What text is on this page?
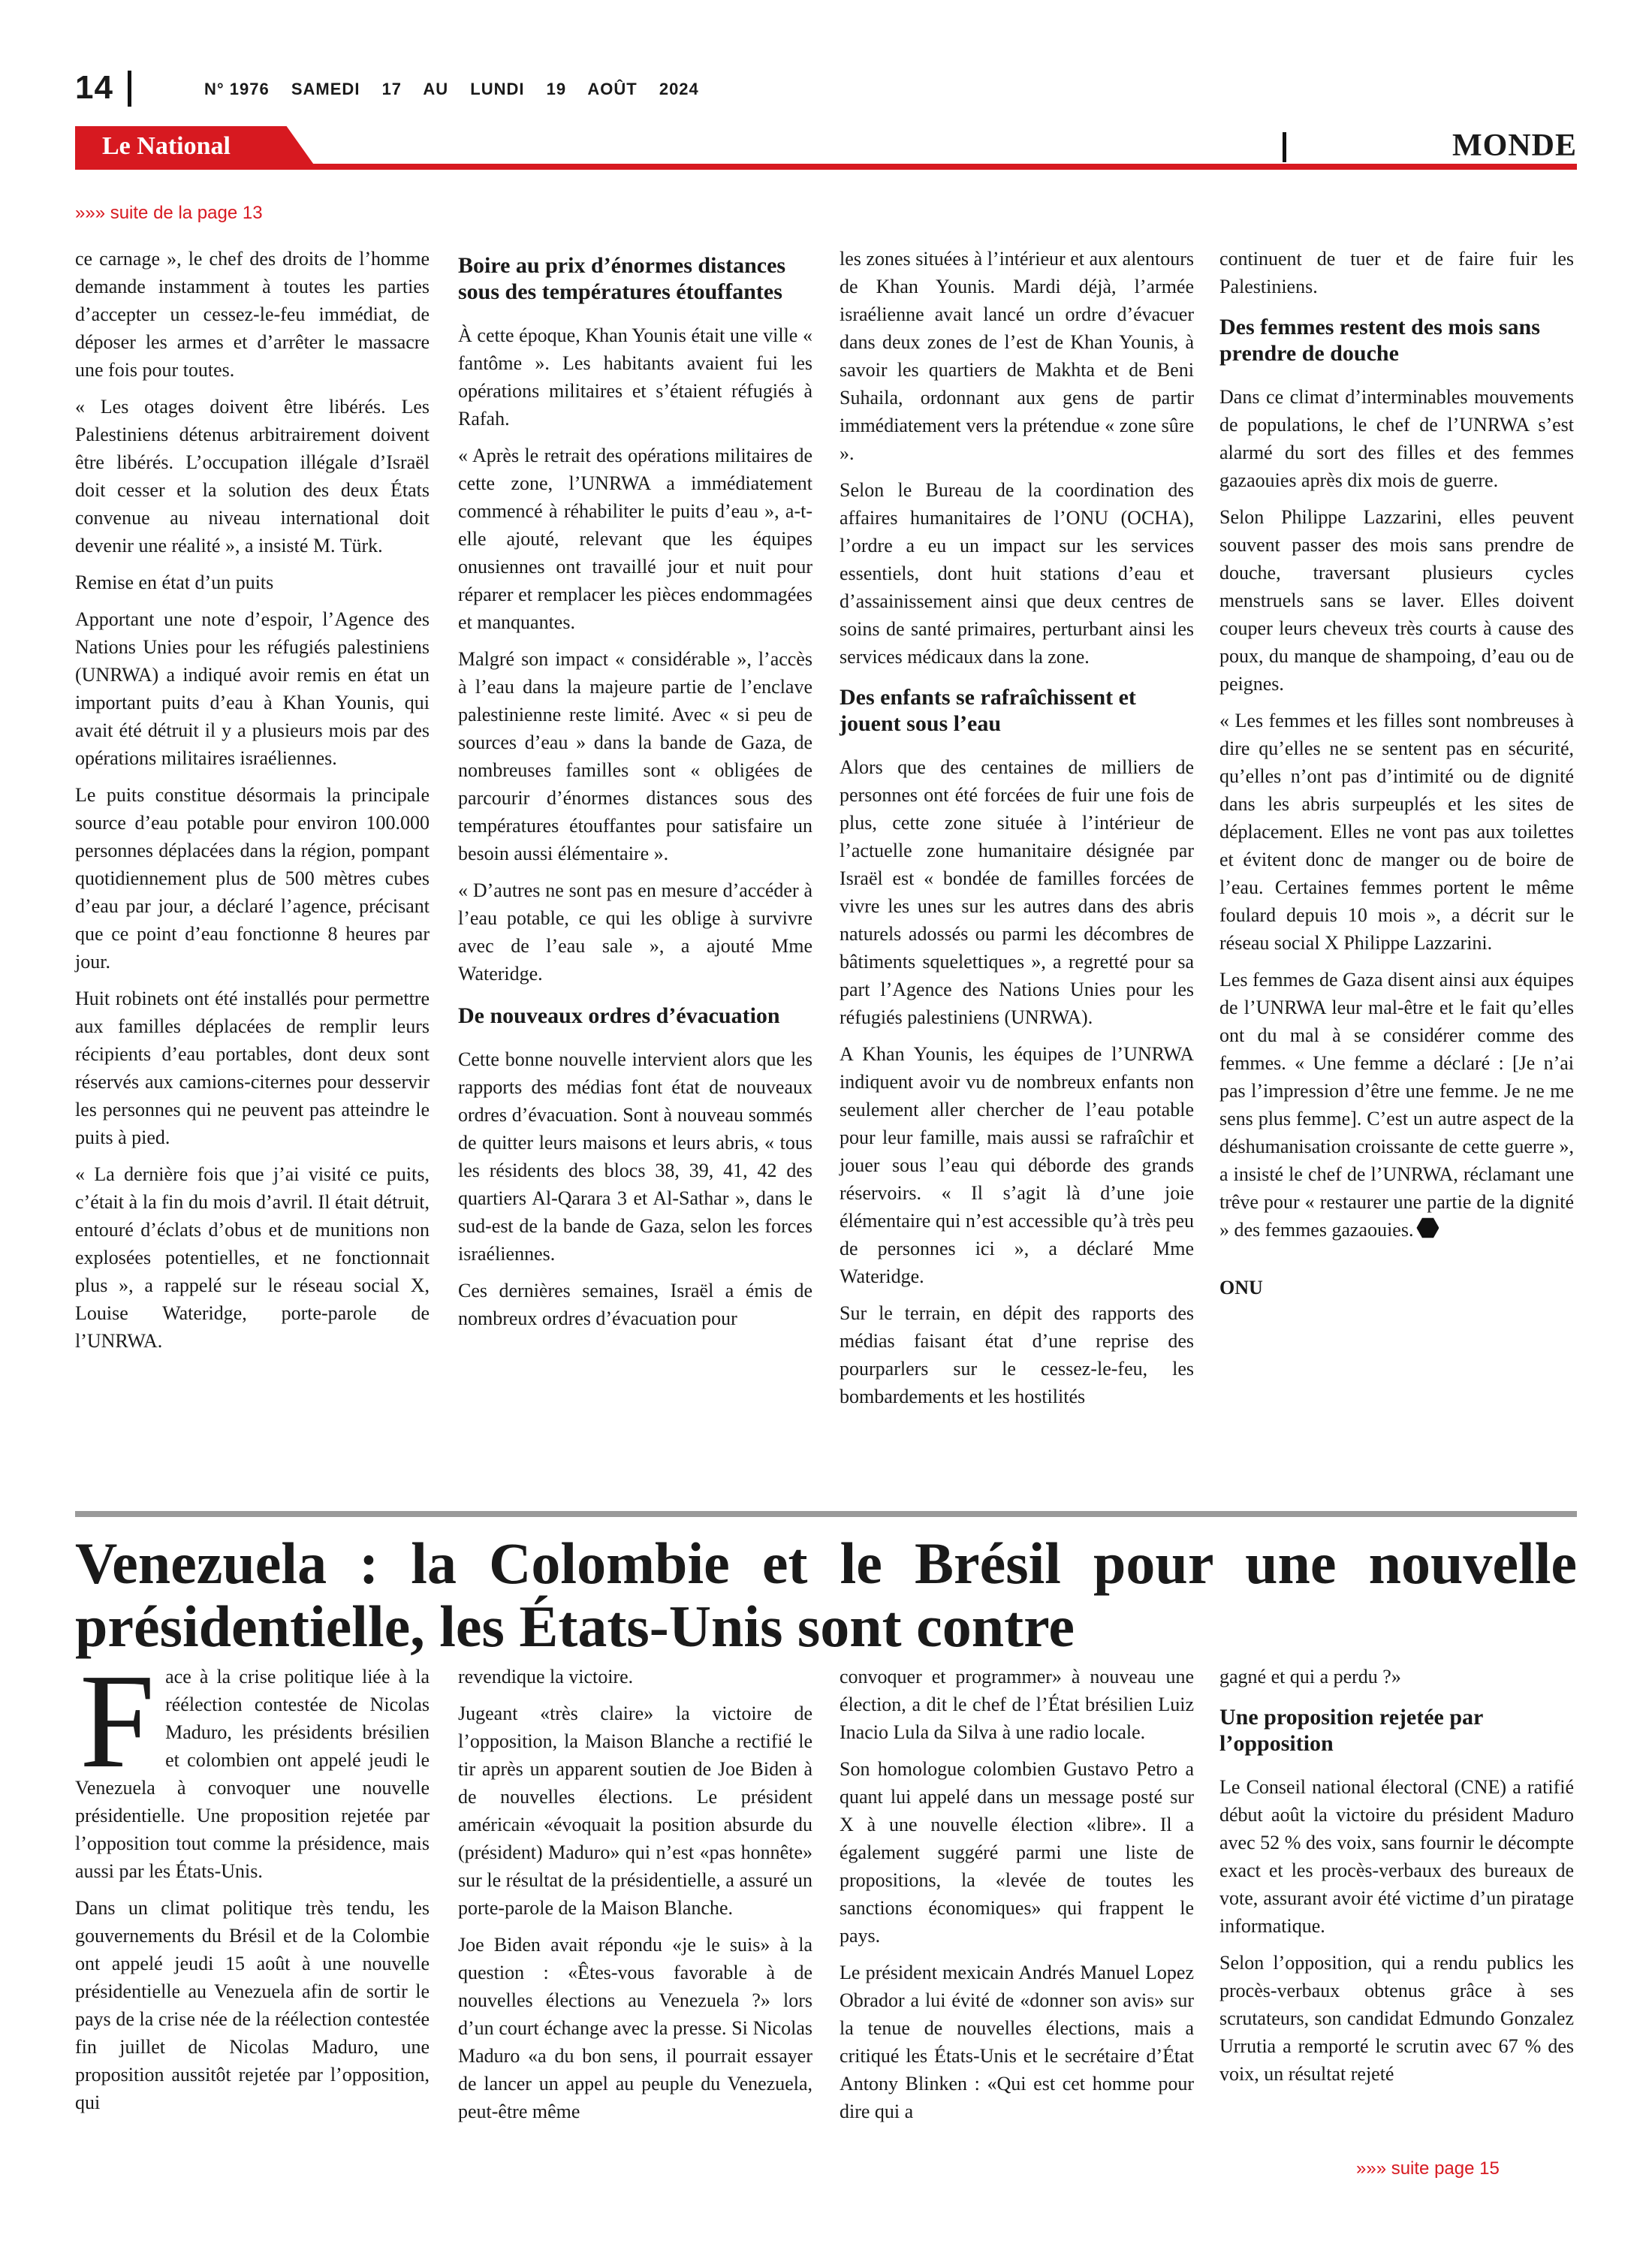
14	N° 1976 SAMEDI 17 AU LUNDI 19 AOÛT 2024
Le National	MONDE
»»» suite de la page 13

ce carnage », le chef des droits de l’homme demande instamment à toutes les parties d’accepter un cessez-le-feu immédiat, de déposer les armes et d’arrêter le massacre une fois pour toutes.

« Les otages doivent être libérés. Les Palestiniens détenus arbitrairement doivent être libérés. L’occupation illégale d’Israël doit cesser et la solution des deux États convenue au niveau international doit devenir une réalité », a insisté M. Türk.

Remise en état d’un puits

Apportant une note d’espoir, l’Agence des Nations Unies pour les réfugiés palestiniens (UNRWA) a indiqué avoir remis en état un important puits d’eau à Khan Younis, qui avait été détruit il y a plusieurs mois par des opérations militaires israéliennes.

Le puits constitue désormais la principale source d’eau potable pour environ 100.000 personnes déplacées dans la région, pompant quotidiennement plus de 500 mètres cubes d’eau par jour, a déclaré l’agence, précisant que ce point d’eau fonctionne 8 heures par jour.

Huit robinets ont été installés pour permettre aux familles déplacées de remplir leurs récipients d’eau portables, dont deux sont réservés aux camions-citernes pour desservir les personnes qui ne peuvent pas atteindre le puits à pied.

« La dernière fois que j’ai visité ce puits, c’était à la fin du mois d’avril. Il était détruit, entouré d’éclats d’obus et de munitions non explosées potentielles, et ne fonctionnait plus », a rappelé sur le réseau social X, Louise Wateridge, porte-parole de l’UNRWA.

Boire au prix d’énormes distances sous des températures étouffantes

À cette époque, Khan Younis était une ville « fantôme ». Les habitants avaient fui les opérations militaires et s’étaient réfugiés à Rafah.

« Après le retrait des opérations militaires de cette zone, l’UNRWA a immédiatement commencé à réhabiliter le puits d’eau », a-t-elle ajouté, relevant que les équipes onusiennes ont travaillé jour et nuit pour réparer et remplacer les pièces endommagées et manquantes.

Malgré son impact « considérable », l’accès à l’eau dans la majeure partie de l’enclave palestinienne reste limité. Avec « si peu de sources d’eau » dans la bande de Gaza, de nombreuses familles sont « obligées de parcourir d’énormes distances sous des températures étouffantes pour satisfaire un besoin aussi élémentaire ».

« D’autres ne sont pas en mesure d’accéder à l’eau potable, ce qui les oblige à survivre avec de l’eau sale », a ajouté Mme Wateridge.

De nouveaux ordres d’évacuation

Cette bonne nouvelle intervient alors que les rapports des médias font état de nouveaux ordres d’évacuation. Sont à nouveau sommés de quitter leurs maisons et leurs abris, « tous les résidents des blocs 38, 39, 41, 42 des quartiers Al-Qarara 3 et Al-Sathar », dans le sud-est de la bande de Gaza, selon les forces israéliennes.

Ces dernières semaines, Israël a émis de nombreux ordres d’évacuation pour

les zones situées à l’intérieur et aux alentours de Khan Younis. Mardi déjà, l’armée israélienne avait lancé un ordre d’évacuer dans deux zones de l’est de Khan Younis, à savoir les quartiers de Makhta et de Beni Suhaila, ordonnant aux gens de partir immédiatement vers la prétendue « zone sûre ».

Selon le Bureau de la coordination des affaires humanitaires de l’ONU (OCHA), l’ordre a eu un impact sur les services essentiels, dont huit stations d’eau et d’assainissement ainsi que deux centres de soins de santé primaires, perturbant ainsi les services médicaux dans la zone.

Des enfants se rafraîchissent et jouent sous l’eau

Alors que des centaines de milliers de personnes ont été forcées de fuir une fois de plus, cette zone située à l’intérieur de l’actuelle zone humanitaire désignée par Israël est « bondée de familles forcées de vivre les unes sur les autres dans des abris naturels adossés ou parmi les décombres de bâtiments squelettiques », a regretté pour sa part l’Agence des Nations Unies pour les réfugiés palestiniens (UNRWA).

A Khan Younis, les équipes de l’UNRWA indiquent avoir vu de nombreux enfants non seulement aller chercher de l’eau potable pour leur famille, mais aussi se rafraîchir et jouer sous l’eau qui déborde des grands réservoirs. « Il s’agit là d’une joie élémentaire qui n’est accessible qu’à très peu de personnes ici », a déclaré Mme Wateridge.

Sur le terrain, en dépit des rapports des médias faisant état d’une reprise des pourparlers sur le cessez-le-feu, les bombardements et les hostilités

continuent de tuer et de faire fuir les Palestiniens.

Des femmes restent des mois sans prendre de douche

Dans ce climat d’interminables mouvements de populations, le chef de l’UNRWA s’est alarmé du sort des filles et des femmes gazaouies après dix mois de guerre.

Selon Philippe Lazzarini, elles peuvent souvent passer des mois sans prendre de douche, traversant plusieurs cycles menstruels sans se laver. Elles doivent couper leurs cheveux très courts à cause des poux, du manque de shampoing, d’eau ou de peignes.

« Les femmes et les filles sont nombreuses à dire qu’elles ne se sentent pas en sécurité, qu’elles n’ont pas d’intimité ou de dignité dans les abris surpeuplés et les sites de déplacement. Elles ne vont pas aux toilettes et évitent donc de manger ou de boire de l’eau. Certaines femmes portent le même foulard depuis 10 mois », a décrit sur le réseau social X Philippe Lazzarini.

Les femmes de Gaza disent ainsi aux équipes de l’UNRWA leur mal-être et le fait qu’elles ont du mal à se considérer comme des femmes. « Une femme a déclaré : [Je n’ai pas l’impression d’être une femme. Je ne me sens plus femme]. C’est un autre aspect de la déshumanisation croissante de cette guerre », a insisté le chef de l’UNRWA, réclamant une trêve pour « restaurer une partie de la dignité » des femmes gazaouies.

ONU
Venezuela : la Colombie et le Brésil pour une nouvelle présidentielle, les États-Unis sont contre

Face à la crise politique liée à la réélection contestée de Nicolas Maduro, les présidents brésilien et colombien ont appelé jeudi le Venezuela à convoquer une nouvelle présidentielle. Une proposition rejetée par l’opposition tout comme la présidence, mais aussi par les États-Unis.

Dans un climat politique très tendu, les gouvernements du Brésil et de la Colombie ont appelé jeudi 15 août à une nouvelle présidentielle au Venezuela afin de sortir le pays de la crise née de la réélection contestée fin juillet de Nicolas Maduro, une proposition aussitôt rejetée par l’opposition, qui

revendique la victoire.

Jugeant «très claire» la victoire de l’opposition, la Maison Blanche a rectifié le tir après un apparent soutien de Joe Biden à de nouvelles élections. Le président américain «évoquait la position absurde du (président) Maduro» qui n’est «pas honnête» sur le résultat de la présidentielle, a assuré un porte-parole de la Maison Blanche.

Joe Biden avait répondu «je le suis» à la question : «Êtes-vous favorable à de nouvelles élections au Venezuela ?» lors d’un court échange avec la presse. Si Nicolas Maduro «a du bon sens, il pourrait essayer de lancer un appel au peuple du Venezuela, peut-être même

convoquer et programmer» à nouveau une élection, a dit le chef de l’État brésilien Luiz Inacio Lula da Silva à une radio locale.

Son homologue colombien Gustavo Petro a quant lui appelé dans un message posté sur X à une nouvelle élection «libre». Il a également suggéré parmi une liste de propositions, la «levée de toutes les sanctions économiques» qui frappent le pays.

Le président mexicain Andrés Manuel Lopez Obrador a lui évité de «donner son avis» sur la tenue de nouvelles élections, mais a critiqué les États-Unis et le secrétaire d’État Antony Blinken : «Qui est cet homme pour dire qui a

gagné et qui a perdu ?»

Une proposition rejetée par l’opposition

Le Conseil national électoral (CNE) a ratifié début août la victoire du président Maduro avec 52 % des voix, sans fournir le décompte exact et les procès-verbaux des bureaux de vote, assurant avoir été victime d’un piratage informatique.

Selon l’opposition, qui a rendu publics les procès-verbaux obtenus grâce à ses scrutateurs, son candidat Edmundo Gonzalez Urrutia a remporté le scrutin avec 67 % des voix, un résultat rejeté

»»» suite page 15
